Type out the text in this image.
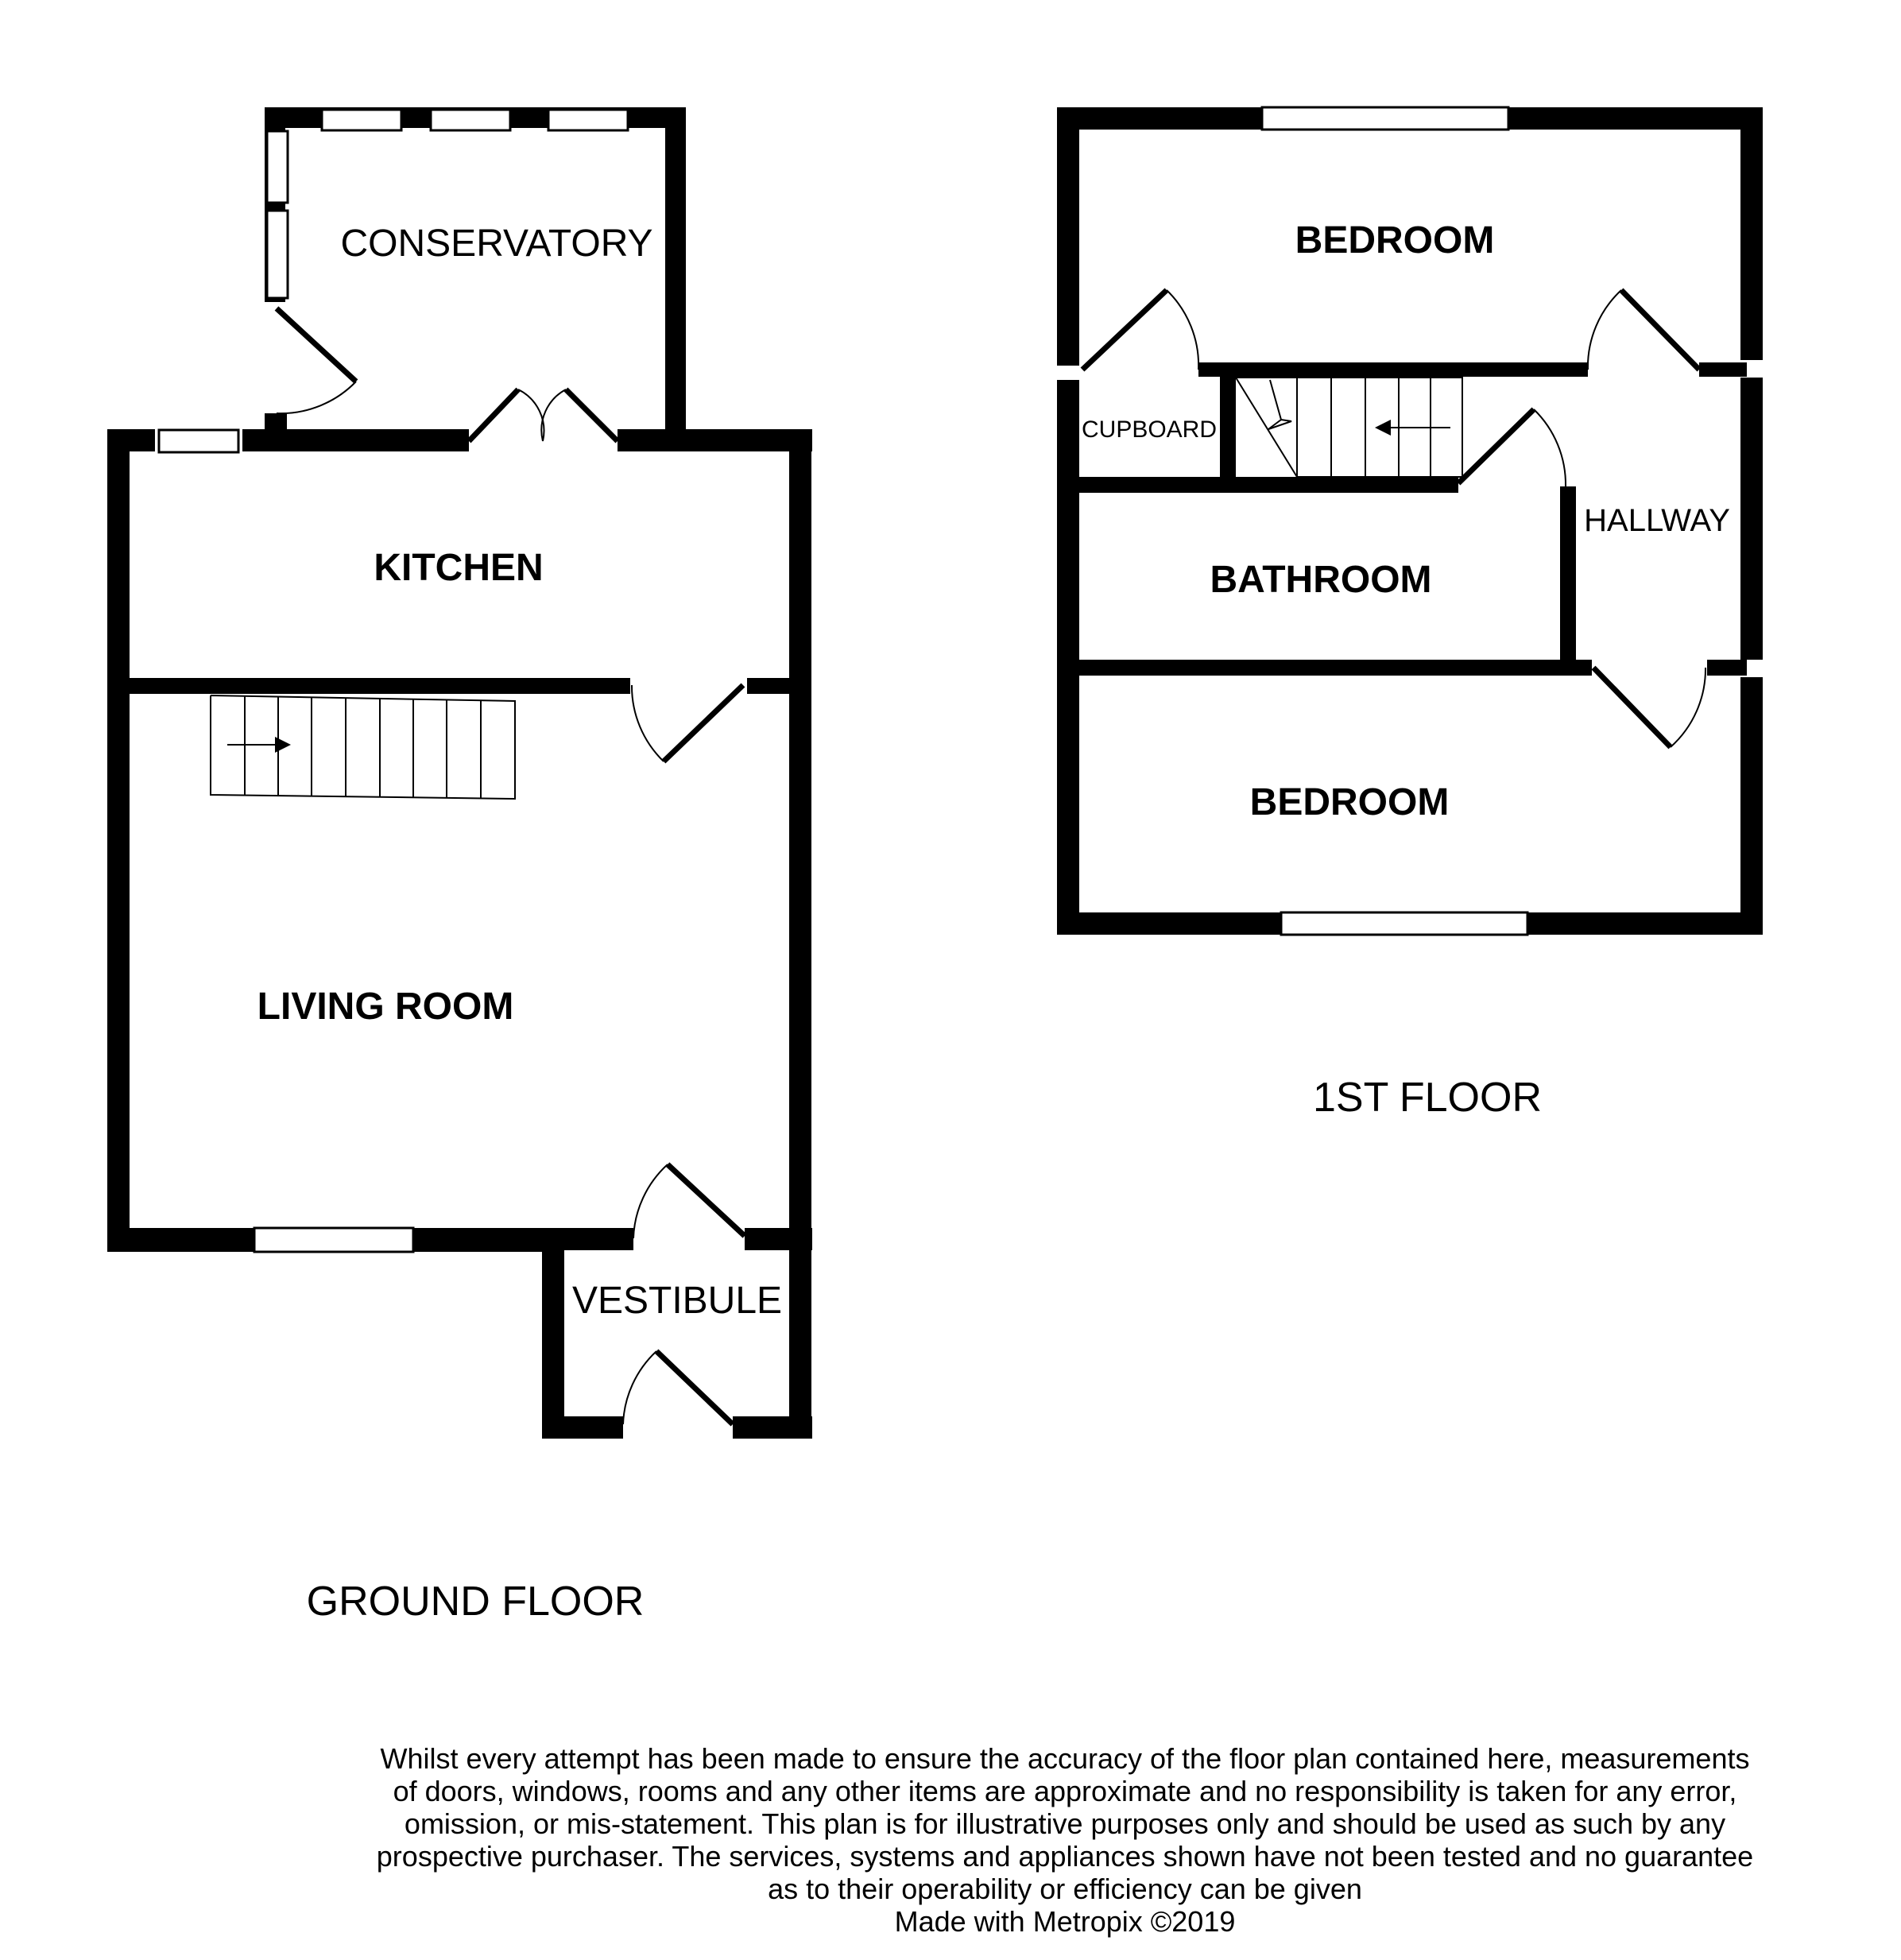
CONSERVATORY
KITCHEN
LIVING ROOM
VESTIBULE
BEDROOM
CUPBOARD
BATHROOM
HALLWAY
BEDROOM
GROUND FLOOR
1ST FLOOR
Whilst every attempt has been made to ensure the accuracy of the floor plan contained here, measurements
of doors, windows, rooms and any other items are approximate and no responsibility is taken for any error,
omission, or mis-statement. This plan is for illustrative purposes only and should be used as such by any
prospective purchaser. The services, systems and appliances shown have not been tested and no guarantee
as to their operability or efficiency can be given
Made with Metropix ©2019
